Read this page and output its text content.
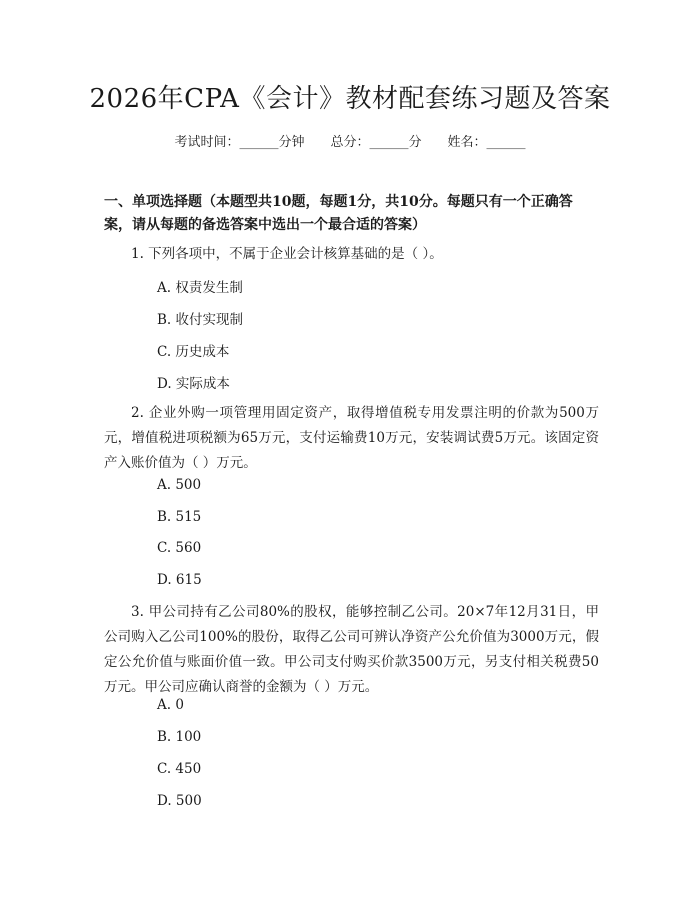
2026年CPA《会计》教材配套练习题及答案
考试时间：______分钟 总分：______分 姓名：______
一、单项选择题（本题型共10题，每题1分，共10分。每题只有一个正确答案，请从每题的备选答案中选出一个最合适的答案）
1. 下列各项中，不属于企业会计核算基础的是（ ）。
A. 权责发生制
B. 收付实现制
C. 历史成本
D. 实际成本
2. 企业外购一项管理用固定资产，取得增值税专用发票注明的价款为500万元，增值税进项税额为65万元，支付运输费10万元，安装调试费5万元。该固定资产入账价值为（ ）万元。
A. 500
B. 515
C. 560
D. 615
3. 甲公司持有乙公司80%的股权，能够控制乙公司。20×7年12月31日，甲公司购入乙公司100%的股份，取得乙公司可辨认净资产公允价值为3000万元，假定公允价值与账面价值一致。甲公司支付购买价款3500万元，另支付相关税费50万元。甲公司应确认商誉的金额为（ ）万元。
A. 0
B. 100
C. 450
D. 500
